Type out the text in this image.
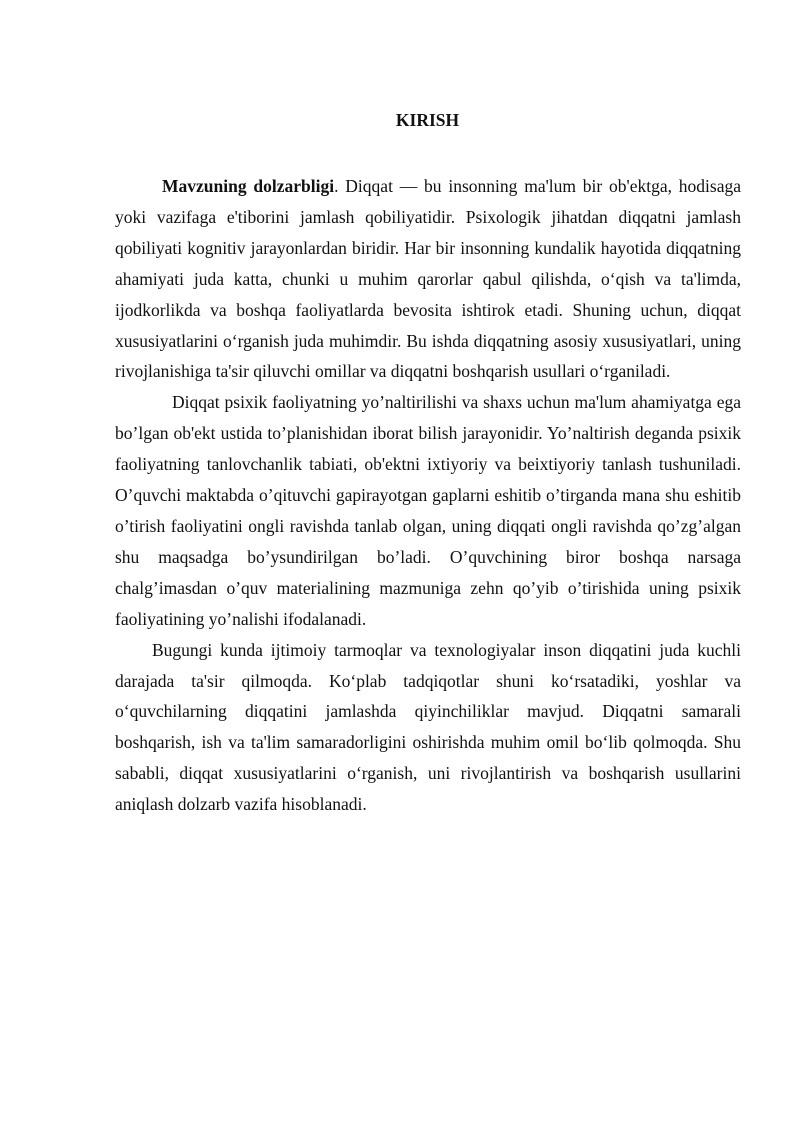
KIRISH

Mavzuning dolzarbligi. Diqqat — bu insonning ma'lum bir ob'ektga, hodisaga yoki vazifaga e'tiborini jamlash qobiliyatidir. Psixologik jihatdan diqqatni jamlash qobiliyati kognitiv jarayonlardan biridir. Har bir insonning kundalik hayotida diqqatning ahamiyati juda katta, chunki u muhim qarorlar qabul qilishda, o‘qish va ta'limda, ijodkorlikda va boshqa faoliyatlarda bevosita ishtirok etadi. Shuning uchun, diqqat xususiyatlarini o‘rganish juda muhimdir. Bu ishda diqqatning asosiy xususiyatlari, uning rivojlanishiga ta'sir qiluvchi omillar va diqqatni boshqarish usullari o‘rganiladi.

Diqqat psixik faoliyatning yo’naltirilishi va shaxs uchun ma'lum ahamiyatga ega bo’lgan ob'ekt ustida to’planishidan iborat bilish jarayonidir. Yo’naltirish deganda psixik faoliyatning tanlovchanlik tabiati, ob'ektni ixtiyoriy va beixtiyoriy tanlash tushuniladi. O’quvchi maktabda o’qituvchi gapirayotgan gaplarni eshitib o’tirganda mana shu eshitib o’tirish faoliyatini ongli ravishda tanlab olgan, uning diqqati ongli ravishda qo’zg’algan shu maqsadga bo’ysundirilgan bo’ladi. O’quvchining biror boshqa narsaga chalg’imasdan o’quv materialining mazmuniga zehn qo’yib o’tirishida uning psixik faoliyatining yo’nalishi ifodalanadi.

Bugungi kunda ijtimoiy tarmoqlar va texnologiyalar inson diqqatini juda kuchli darajada ta'sir qilmoqda. Ko‘plab tadqiqotlar shuni ko‘rsatadiki, yoshlar va o‘quvchilarning diqqatini jamlashda qiyinchiliklar mavjud. Diqqatni samarali boshqarish, ish va ta'lim samaradorligini oshirishda muhim omil bo‘lib qolmoqda. Shu sababli, diqqat xususiyatlarini o‘rganish, uni rivojlantirish va boshqarish usullarini aniqlash dolzarb vazifa hisoblanadi.
